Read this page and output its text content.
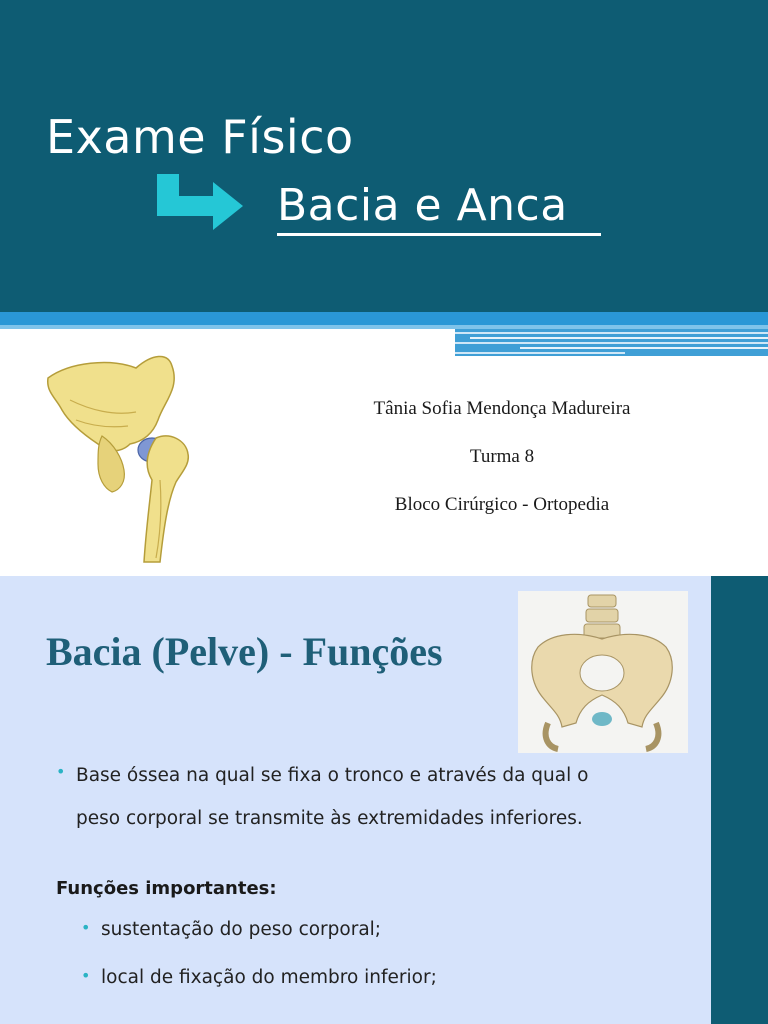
Exame Físico
Bacia e Anca
Tânia Sofia Mendonça Madureira
Turma 8
Bloco Cirúrgico - Ortopedia
Bacia (Pelve) - Funções
• Base óssea na qual se fixa o tronco e através da qual o
peso corporal se transmite às extremidades inferiores.
Funções importantes:
• sustentação do peso corporal;
• local de fixação do membro inferior;
